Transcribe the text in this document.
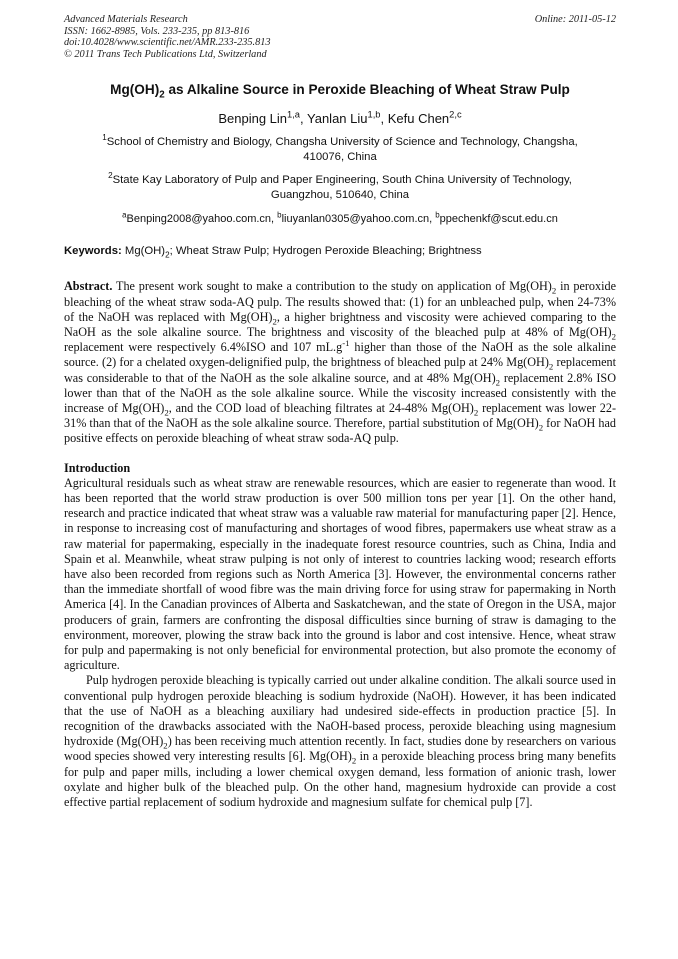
Advanced Materials Research
ISSN: 1662-8985, Vols. 233-235, pp 813-816
doi:10.4028/www.scientific.net/AMR.233-235.813
© 2011 Trans Tech Publications Ltd, Switzerland
Online: 2011-05-12
$Mg(OH)_2$ as Alkaline Source in Peroxide Bleaching of Wheat Straw Pulp
Benping Lin$^{1,a}$, Yanlan Liu$^{1,b}$, Kefu Chen$^{2,c}$
$^1$School of Chemistry and Biology, Changsha University of Science and Technology, Changsha,
410076, China
$^2$State Kay Laboratory of Pulp and Paper Engineering, South China University of Technology,
Guangzhou, 510640, China
$^a$Benping2008@yahoo.com.cn, $^b$liuyanlan0305@yahoo.com.cn, $^b$ppechenkf@scut.edu.cn
Keywords: $Mg(OH)_2$; Wheat Straw Pulp; Hydrogen Peroxide Bleaching; Brightness

Abstract. The present work sought to make a contribution to the study on application of $Mg(OH)_2$ in peroxide bleaching of the wheat straw soda-AQ pulp. The results showed that: (1) for an unbleached pulp, when 24-73% of the NaOH was replaced with $Mg(OH)_2$, a higher brightness and viscosity were achieved comparing to the NaOH as the sole alkaline source. The brightness and viscosity of the bleached pulp at 48% of $Mg(OH)_2$ replacement were respectively 6.4%ISO and 107 $mL.g^{-1}$ higher than those of the NaOH as the sole alkaline source. (2) for a chelated oxygen-delignified pulp, the brightness of bleached pulp at 24% $Mg(OH)_2$ replacement was considerable to that of the NaOH as the sole alkaline source, and at 48% $Mg(OH)_2$ replacement 2.8% ISO lower than that of the NaOH as the sole alkaline source. While the viscosity increased consistently with the increase of $Mg(OH)_2$, and the COD load of bleaching filtrates at 24-48% $Mg(OH)_2$ replacement was lower 22-31% than that of the NaOH as the sole alkaline source. Therefore, partial substitution of $Mg(OH)_2$ for NaOH had positive effects on peroxide bleaching of wheat straw soda-AQ pulp.

Introduction

Agricultural residuals such as wheat straw are renewable resources, which are easier to regenerate than wood. It has been reported that the world straw production is over 500 million tons per year [1]. On the other hand, research and practice indicated that wheat straw was a valuable raw material for manufacturing paper [2]. Hence, in response to increasing cost of manufacturing and shortages of wood fibres, papermakers use wheat straw as a raw material for papermaking, especially in the inadequate forest resource countries, such as China, India and Spain et al. Meanwhile, wheat straw pulping is not only of interest to countries lacking wood; research efforts have also been recorded from regions such as North America [3]. However, the environmental concerns rather than the immediate shortfall of wood fibre was the main driving force for using straw for papermaking in North America [4]. In the Canadian provinces of Alberta and Saskatchewan, and the state of Oregon in the USA, major producers of grain, farmers are confronting the disposal difficulties since burning of straw is damaging to the environment, moreover, plowing the straw back into the ground is labor and cost intensive. Hence, wheat straw for pulp and papermaking is not only beneficial for environmental protection, but also promote the economy of agriculture.

Pulp hydrogen peroxide bleaching is typically carried out under alkaline condition. The alkali source used in conventional pulp hydrogen peroxide bleaching is sodium hydroxide (NaOH). However, it has been indicated that the use of NaOH as a bleaching auxiliary had undesired side-effects in production practice [5]. In recognition of the drawbacks associated with the NaOH-based process, peroxide bleaching using magnesium hydroxide $(Mg(OH)_2)$ has been receiving much attention recently. In fact, studies done by researchers on various wood species showed very interesting results [6]. $Mg(OH)_2$ in a peroxide bleaching process bring many benefits for pulp and paper mills, including a lower chemical oxygen demand, less formation of anionic trash, lower oxylate and higher bulk of the bleached pulp. On the other hand, magnesium hydroxide can provide a cost effective partial replacement of sodium hydroxide and magnesium sulfate for chemical pulp [7].
